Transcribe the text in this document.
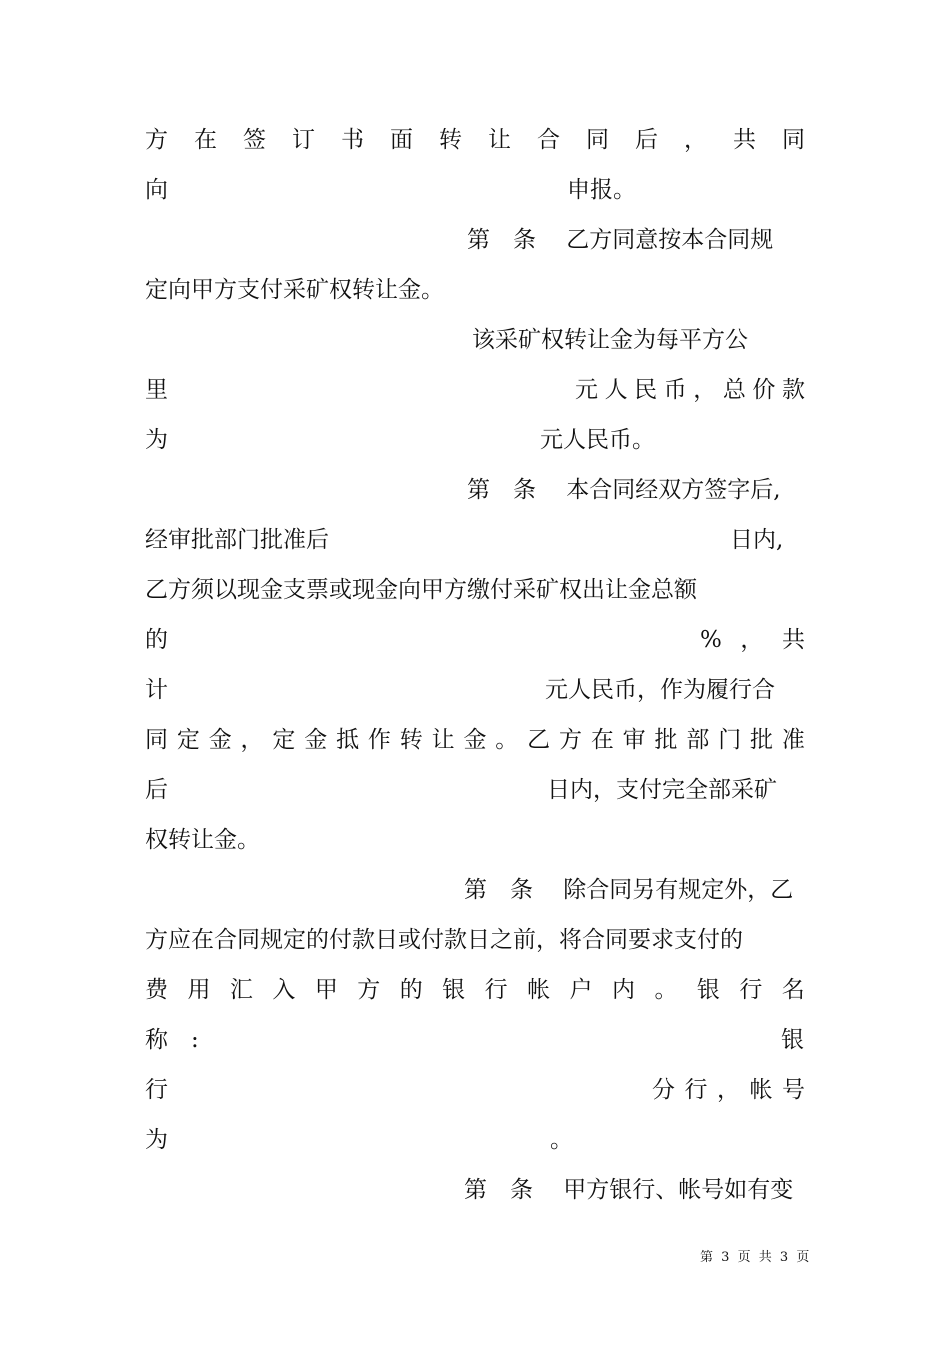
方 在 签 订 书 面 转 让 合 同 后 ， 共 同
向	申报。
第　条　 乙方同意按本合同规
定向甲方支付采矿权转让金。
该采矿权转让金为每平方公
里	元 人 民 币 ， 总 价 款
为	元人民币。
第　条　 本合同经双方签字后,
经审批部门批准后	日内,
乙方须以现金支票或现金向甲方缴付采矿权出让金总额
的	% ， 共
计	元人民币，作为履行合
同 定 金 ， 定 金 抵 作 转 让 金 。 乙 方 在 审 批 部 门 批 准
后	日内，支付完全部采矿
权转让金。
第　条　 除合同另有规定外，乙
方应在合同规定的付款日或付款日之前，将合同要求支付的
费 用 汇 入 甲 方 的 银 行 帐 户 内 。 银 行 名
称　:	银
行	分 行 ， 帐 号
为	。
第　条　 甲方银行、帐号如有变
第 3 页 共 3 页
